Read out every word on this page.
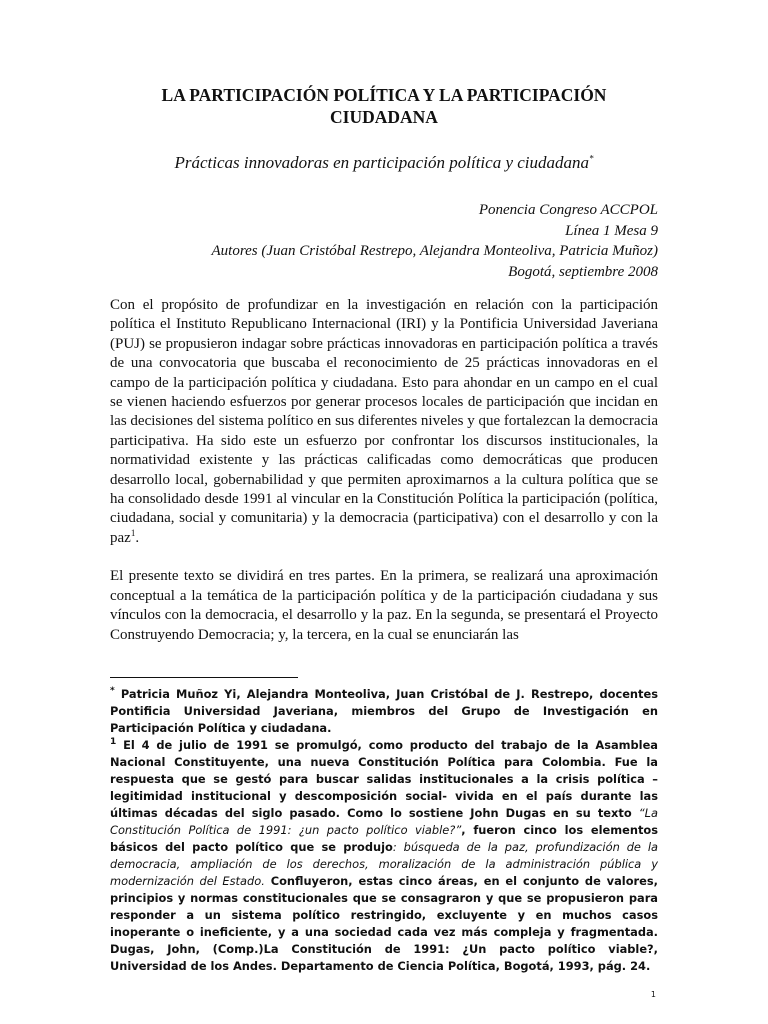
LA PARTICIPACIÓN POLÍTICA Y LA PARTICIPACIÓN
CIUDADANA

Prácticas innovadoras en participación política y ciudadana*

Ponencia Congreso ACCPOL
Línea 1 Mesa 9
Autores (Juan Cristóbal Restrepo, Alejandra Monteoliva, Patricia Muñoz)
Bogotá, septiembre 2008

Con el propósito de profundizar en la investigación en relación con la participación política el Instituto Republicano Internacional (IRI) y la Pontificia Universidad Javeriana (PUJ) se propusieron indagar sobre prácticas innovadoras en participación política a través de una convocatoria que buscaba el reconocimiento de 25 prácticas innovadoras en el campo de la participación política y ciudadana. Esto para ahondar en un campo en el cual se vienen haciendo esfuerzos por generar procesos locales de participación que incidan en las decisiones del sistema político en sus diferentes niveles y que fortalezcan la democracia participativa. Ha sido este un esfuerzo por confrontar los discursos institucionales, la normatividad existente y las prácticas calificadas como democráticas que producen desarrollo local, gobernabilidad y que permiten aproximarnos a la cultura política que se ha consolidado desde 1991 al vincular en la Constitución Política la participación (política, ciudadana, social y comunitaria) y la democracia (participativa) con el desarrollo y con la paz$^1$.

El presente texto se dividirá en tres partes. En la primera, se realizará una aproximación conceptual a la temática de la participación política y de la participación ciudadana y sus vínculos con la democracia, el desarrollo y la paz. En la segunda, se presentará el Proyecto Construyendo Democracia; y, la tercera, en la cual se enunciarán las

* Patricia Muñoz Yi, Alejandra Monteoliva, Juan Cristóbal de J. Restrepo, docentes Pontificia Universidad Javeriana, miembros del Grupo de Investigación en Participación Política y ciudadana.

$^1$ El 4 de julio de 1991 se promulgó, como producto del trabajo de la Asamblea Nacional Constituyente, una nueva Constitución Política para Colombia. Fue la respuesta que se gestó para buscar salidas institucionales a la crisis política –legitimidad institucional y descomposición social- vivida en el país durante las últimas décadas del siglo pasado. Como lo sostiene John Dugas en su texto “La Constitución Política de 1991: ¿un pacto político viable?”, fueron cinco los elementos básicos del pacto político que se produjo: búsqueda de la paz, profundización de la democracia, ampliación de los derechos, moralización de la administración pública y modernización del Estado. Confluyeron, estas cinco áreas, en el conjunto de valores, principios y normas constitucionales que se consagraron y que se propusieron para responder a un sistema político restringido, excluyente y en muchos casos inoperante o ineficiente, y a una sociedad cada vez más compleja y fragmentada. Dugas, John, (Comp.)La Constitución de 1991: ¿Un pacto político viable?, Universidad de los Andes. Departamento de Ciencia Política, Bogotá, 1993, pág. 24.

1
